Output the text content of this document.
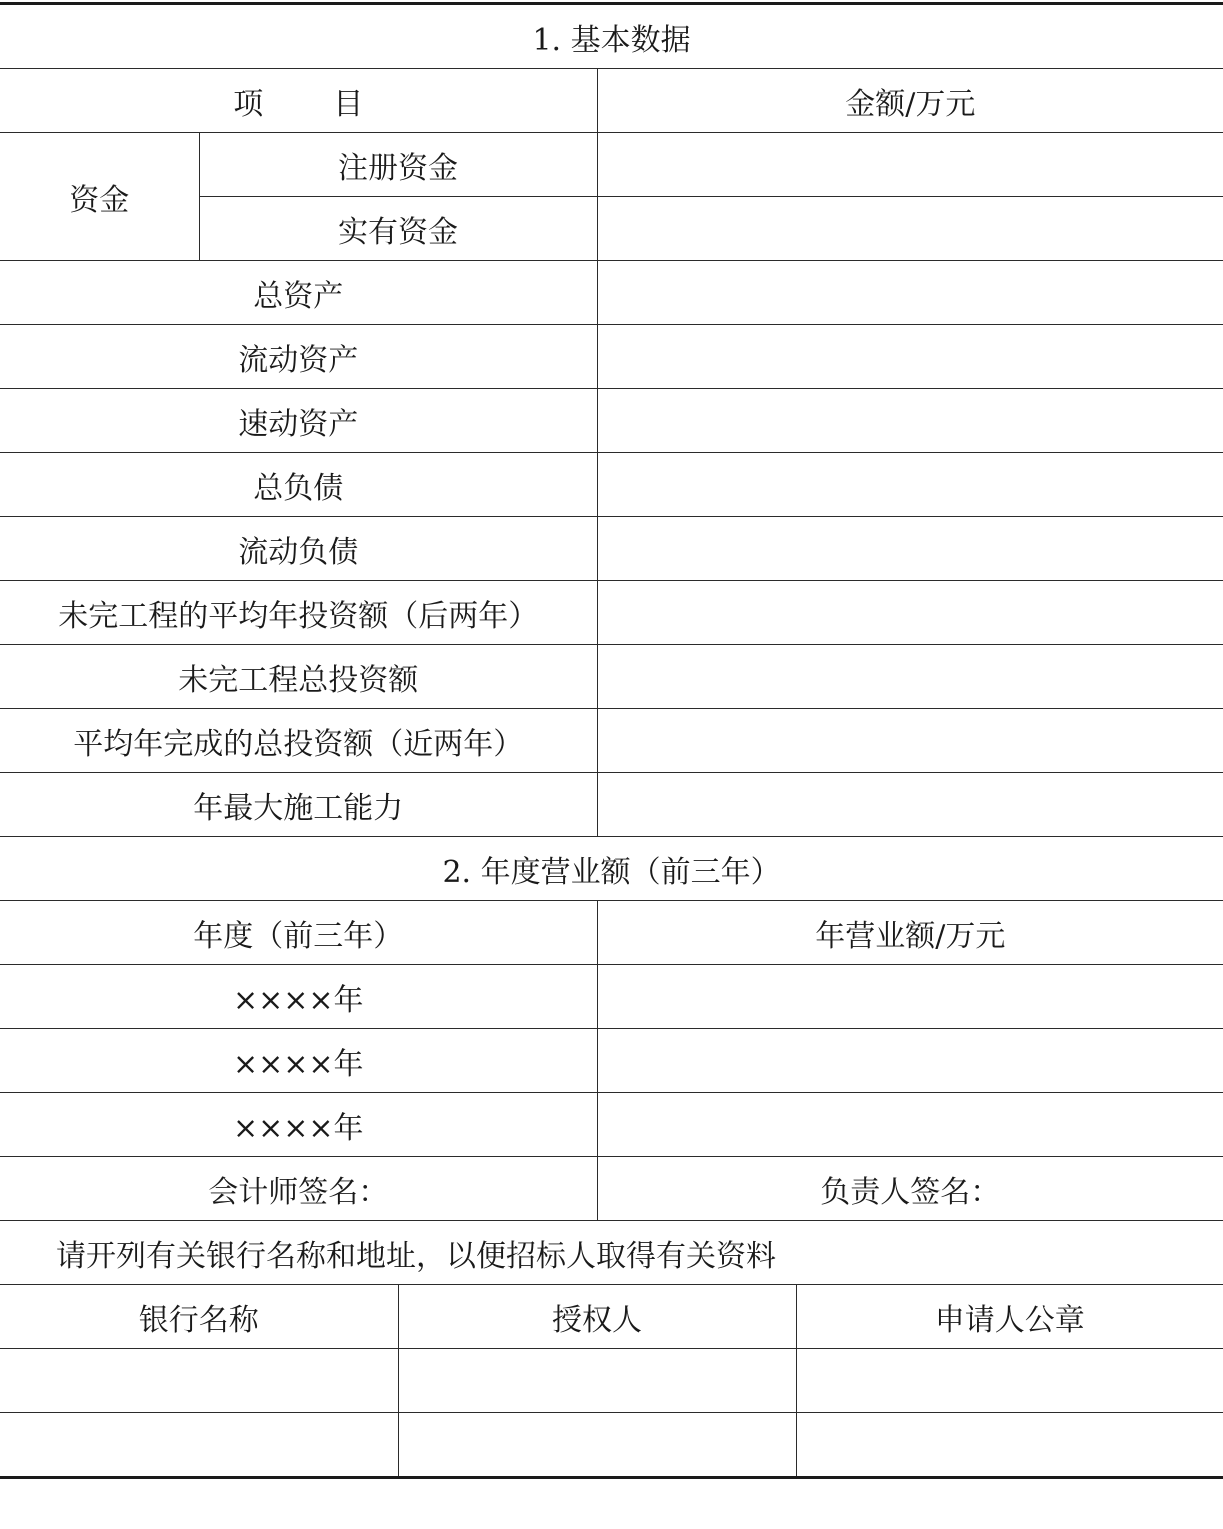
1. 基本数据				
项 目			金额/万元	
资金	注册资金			
	实有资金			
总资产				
流动资产				
速动资产				
总负债				
流动负债				
未完工程的平均年投资额（后两年）				
未完工程总投资额				
平均年完成的总投资额（近两年）				
年最大施工能力				
2. 年度营业额（前三年）				
年度（前三年）			年营业额/万元	
××××年				
××××年				
××××年				
会计师签名：			负责人签名：	
请开列有关银行名称和地址，以便招标人取得有关资料				
银行名称		授权人		申请人公章
